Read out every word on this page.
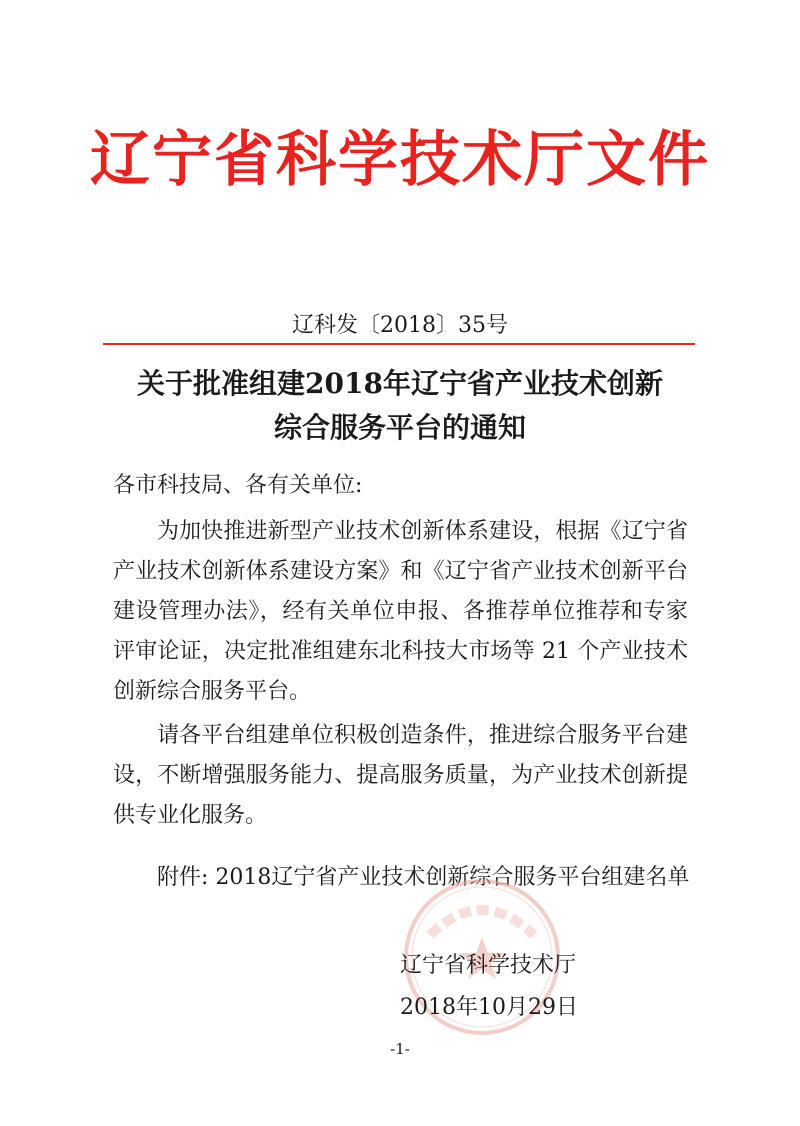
辽宁省科学技术厅文件
辽科发〔2018〕35号
关于批准组建2018年辽宁省产业技术创新
综合服务平台的通知
各市科技局、各有关单位:

为加快推进新型产业技术创新体系建设，根据《辽宁省产业技术创新体系建设方案》和《辽宁省产业技术创新平台建设管理办法》，经有关单位申报、各推荐单位推荐和专家评审论证，决定批准组建东北科技大市场等 21 个产业技术创新综合服务平台。

请各平台组建单位积极创造条件，推进综合服务平台建设，不断增强服务能力、提高服务质量，为产业技术创新提供专业化服务。

附件: 2018辽宁省产业技术创新综合服务平台组建名单
辽宁省科学技术厅
2018年10月29日
-1-
